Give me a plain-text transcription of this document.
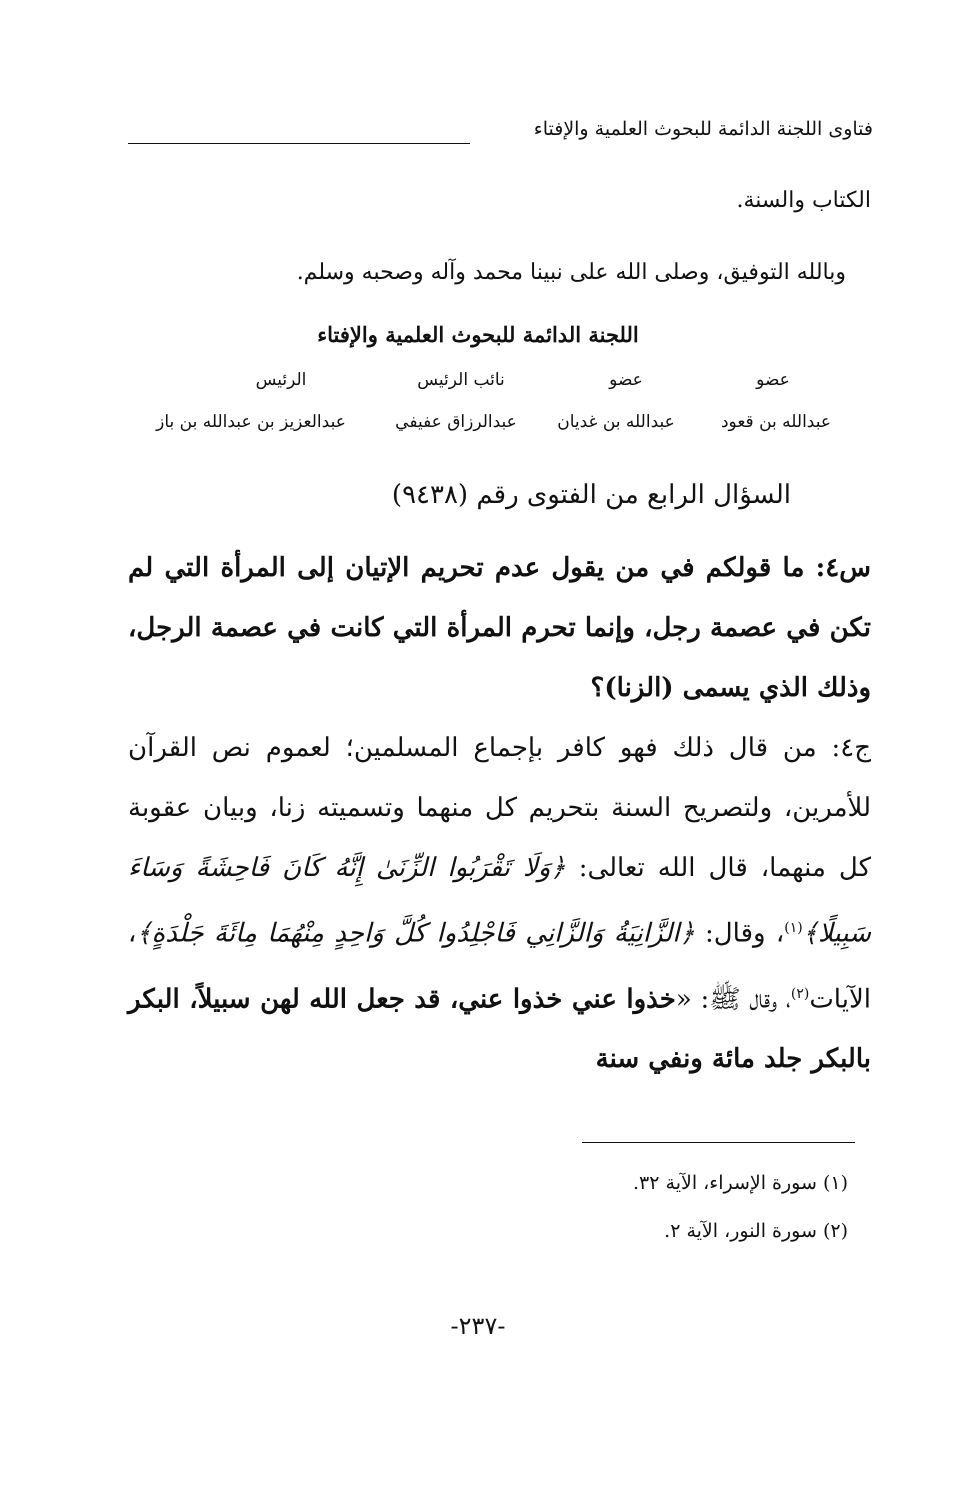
فتاوى اللجنة الدائمة للبحوث العلمية والإفتاء
الكتاب والسنة.
وبالله التوفيق، وصلى الله على نبينا محمد وآله وصحبه وسلم.
اللجنة الدائمة للبحوث العلمية والإفتاء
عضو
عضو
نائب الرئيس
الرئيس
عبدالله بن قعود
عبدالله بن غديان
عبدالرزاق عفيفي
عبدالعزيز بن عبدالله بن باز
السؤال الرابع من الفتوى رقم (٩٤٣٨)
س٤: ما قولكم في من يقول عدم تحريم الإتيان إلى المرأة التي لم تكن في عصمة رجل، وإنما تحرم المرأة التي كانت في عصمة الرجل، وذلك الذي يسمى (الزنا)؟
ج٤: من قال ذلك فهو كافر بإجماع المسلمين؛ لعموم نص القرآن للأمرين، ولتصريح السنة بتحريم كل منهما وتسميته زنا، وبيان عقوبة كل منهما، قال الله تعالى: ﴿وَلَا تَقْرَبُوا الزِّنَىٰ إِنَّهُ كَانَ فَاحِشَةً وَسَاءَ سَبِيلًا﴾$^{(١)}$، وقال: ﴿الزَّانِيَةُ وَالزَّانِي فَاجْلِدُوا كُلَّ وَاحِدٍ مِنْهُمَا مِائَةَ جَلْدَةٍ﴾، الآيات$^{(٢)}$، وقال ﷺ: «خذوا عني خذوا عني، قد جعل الله لهن سبيلاً، البكر بالبكر جلد مائة ونفي سنة
(١) سورة الإسراء، الآية ٣٢.
(٢) سورة النور، الآية ٢.
-٢٣٧-
